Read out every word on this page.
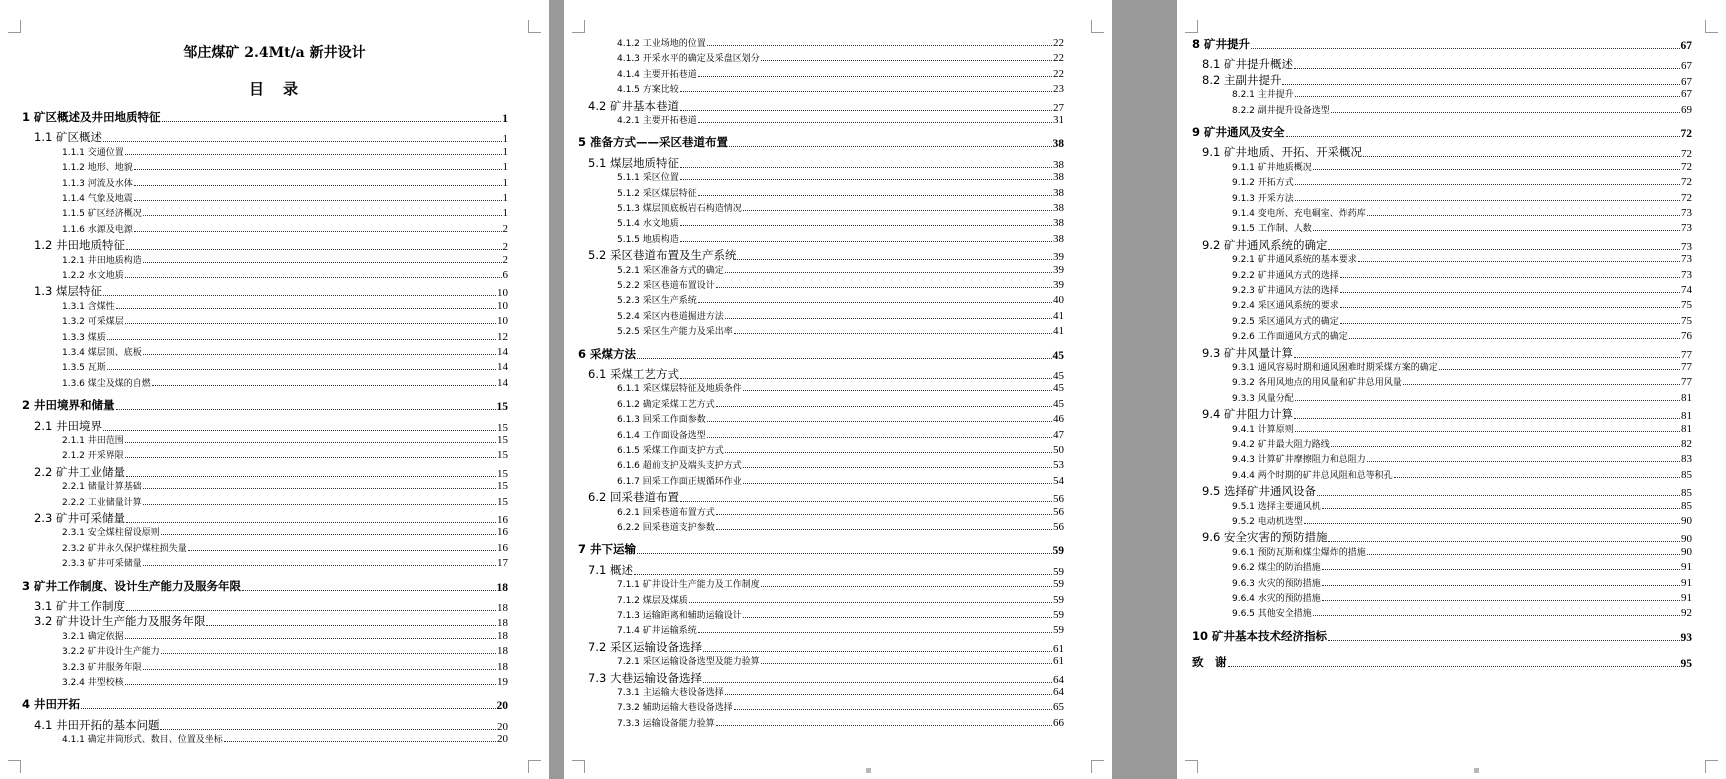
邹庄煤矿 2.4Mt/a 新井设计
目　录
1 矿区概述及井田地质特征	1
1.1 矿区概述	1
1.1.1 交通位置	1
1.1.2 地形、地貌	1
1.1.3 河流及水体	1
1.1.4 气象及地震	1
1.1.5 矿区经济概况	1
1.1.6 水源及电源	2
1.2 井田地质特征	2
1.2.1 井田地质构造	2
1.2.2 水文地质	6
1.3 煤层特征	10
1.3.1 含煤性	10
1.3.2 可采煤层	10
1.3.3 煤质	12
1.3.4 煤层顶、底板	14
1.3.5 瓦斯	14
1.3.6 煤尘及煤的自燃	14
2 井田境界和储量	15
2.1 井田境界	15
2.1.1 井田范围	15
2.1.2 开采界限	15
2.2 矿井工业储量	15
2.2.1 储量计算基础	15
2.2.2 工业储量计算	15
2.3 矿井可采储量	16
2.3.1 安全煤柱留设原则	16
2.3.2 矿井永久保护煤柱损失量	16
2.3.3 矿井可采储量	17
3 矿井工作制度、设计生产能力及服务年限	18
3.1 矿井工作制度	18
3.2 矿井设计生产能力及服务年限	18
3.2.1 确定依据	18
3.2.2 矿井设计生产能力	18
3.2.3 矿井服务年限	18
3.2.4 井型校核	19
4 井田开拓	20
4.1 井田开拓的基本问题	20
4.1.1 确定井筒形式、数目、位置及坐标	20
4.1.2 工业场地的位置	22
4.1.3 开采水平的确定及采盘区划分	22
4.1.4 主要开拓巷道	22
4.1.5 方案比较	23
4.2 矿井基本巷道	27
4.2.1 主要开拓巷道	31
5 准备方式——采区巷道布置	38
5.1 煤层地质特征	38
5.1.1 采区位置	38
5.1.2 采区煤层特征	38
5.1.3 煤层顶底板岩石构造情况	38
5.1.4 水文地质	38
5.1.5 地质构造	38
5.2 采区巷道布置及生产系统	39
5.2.1 采区准备方式的确定	39
5.2.2 采区巷道布置设计	39
5.2.3 采区生产系统	40
5.2.4 采区内巷道掘进方法	41
5.2.5 采区生产能力及采出率	41
6 采煤方法	45
6.1 采煤工艺方式	45
6.1.1 采区煤层特征及地质条件	45
6.1.2 确定采煤工艺方式	45
6.1.3 回采工作面参数	46
6.1.4 工作面设备选型	47
6.1.5 采煤工作面支护方式	50
6.1.6 超前支护及端头支护方式	53
6.1.7 回采工作面正规循环作业	54
6.2 回采巷道布置	56
6.2.1 回采巷道布置方式	56
6.2.2 回采巷道支护参数	56
7 井下运输	59
7.1 概述	59
7.1.1 矿井设计生产能力及工作制度	59
7.1.2 煤层及煤质	59
7.1.3 运输距离和辅助运输设计	59
7.1.4 矿井运输系统	59
7.2 采区运输设备选择	61
7.2.1 采区运输设备选型及能力验算	61
7.3 大巷运输设备选择	64
7.3.1 主运输大巷设备选择	64
7.3.2 辅助运输大巷设备选择	65
7.3.3 运输设备能力验算	66
8 矿井提升	67
8.1 矿井提升概述	67
8.2 主副井提升	67
8.2.1 主井提升	67
8.2.2 副井提升设备选型	69
9 矿井通风及安全	72
9.1 矿井地质、开拓、开采概况	72
9.1.1 矿井地质概况	72
9.1.2 开拓方式	72
9.1.3 开采方法	72
9.1.4 变电所、充电硐室、炸药库	73
9.1.5 工作制、人数	73
9.2 矿井通风系统的确定	73
9.2.1 矿井通风系统的基本要求	73
9.2.2 矿井通风方式的选择	73
9.2.3 矿井通风方法的选择	74
9.2.4 采区通风系统的要求	75
9.2.5 采区通风方式的确定	75
9.2.6 工作面通风方式的确定	76
9.3 矿井风量计算	77
9.3.1 通风容易时期和通风困难时期采煤方案的确定	77
9.3.2 各用风地点的用风量和矿井总用风量	77
9.3.3 风量分配	81
9.4 矿井阻力计算	81
9.4.1 计算原则	81
9.4.2 矿井最大阻力路线	82
9.4.3 计算矿井摩擦阻力和总阻力	83
9.4.4 两个时期的矿井总风阻和总等积孔	85
9.5 选择矿井通风设备	85
9.5.1 选择主要通风机	85
9.5.2 电动机选型	90
9.6 安全灾害的预防措施	90
9.6.1 预防瓦斯和煤尘爆炸的措施	90
9.6.2 煤尘的防治措施	91
9.6.3 火灾的预防措施	91
9.6.4 水灾的预防措施	91
9.6.5 其他安全措施	92
10 矿井基本技术经济指标	93
致　谢	95
